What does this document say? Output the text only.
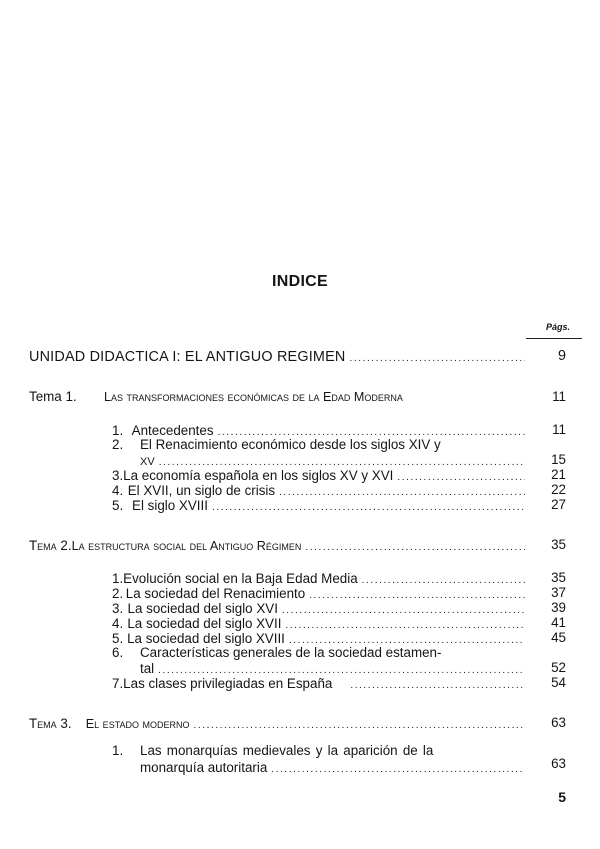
INDICE
Págs.
UNIDAD DIDACTICA I: EL ANTIGUO REGIMEN . . .	9
Tema 1.	Las transformaciones económicas de la Edad Moderna	11
1. Antecedentes . . .	11
2.	El Renacimiento económico desde los siglos XIV y
XV . . .	15
3. La economía española en los siglos XV y XVI . . .	21
4. El XVII, un siglo de crisis . . .	22
5. El siglo XVIII . . .	27
Tema 2. La estructura social del Antiguo Régimen . . .	35
1. Evolución social en la Baja Edad Media . . .	35
2. La sociedad del Renacimiento . . .	37
3. La sociedad del siglo XVI . . .	39
4. La sociedad del siglo XVII . . .	41
5. La sociedad del siglo XVIII . . .	45
6.	Características generales de la sociedad estamen-
tal . . .	52
7. Las clases privilegiadas en España . . .	54
Tema 3.	El estado moderno . . .	63
1.	Las monarquías medievales y la aparición de la
monarquía autoritaria . . .	63
5
